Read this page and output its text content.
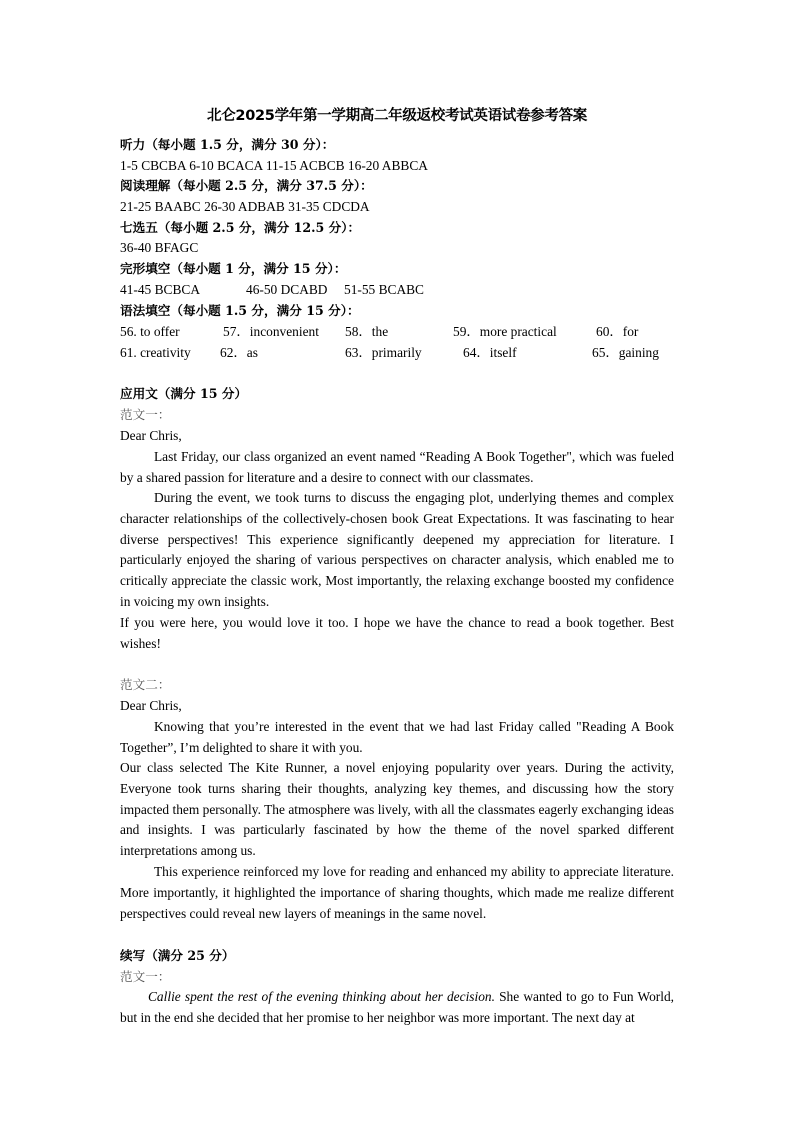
北仑2025学年第一学期高二年级返校考试英语试卷参考答案
听力（每小题 1.5 分，满分 30 分）：
1-5 CBCBA 6-10 BCACA 11-15 ACBCB 16-20 ABBCA
阅读理解（每小题 2.5 分，满分 37.5 分）：
21-25 BAABC 26-30 ADBAB 31-35 CDCDA
七选五（每小题 2.5 分，满分 12.5 分）：
36-40 BFAGC
完形填空（每小题 1 分，满分 15 分）：
41-45 BCBCA	46-50 DCABD 51-55 BCABC
语法填空（每小题 1.5 分，满分 15 分）：
56. to offer	57．inconvenient 58．the	59．more practical	60．for
61. creativity 62．as	63．primarily	64．itself	65．gaining
应用文（满分 15 分）
范文一：
Dear Chris,
Last Friday, our class organized an event named “Reading A Book Together", which was fueled by a shared passion for literature and a desire to connect with our classmates.
During the event, we took turns to discuss the engaging plot, underlying themes and complex character relationships of the collectively-chosen book Great Expectations. It was fascinating to hear diverse perspectives! This experience significantly deepened my appreciation for literature. I particularly enjoyed the sharing of various perspectives on character analysis, which enabled me to critically appreciate the classic work, Most importantly, the relaxing exchange boosted my confidence in voicing my own insights.
If you were here, you would love it too. I hope we have the chance to read a book together. Best wishes!
范文二：
Dear Chris,
Knowing that you’re interested in the event that we had last Friday called "Reading A Book Together”, I’m delighted to share it with you.
Our class selected The Kite Runner, a novel enjoying popularity over years. During the activity, Everyone took turns sharing their thoughts, analyzing key themes, and discussing how the story impacted them personally. The atmosphere was lively, with all the classmates eagerly exchanging ideas and insights. I was particularly fascinated by how the theme of the novel sparked different interpretations among us.
This experience reinforced my love for reading and enhanced my ability to appreciate literature. More importantly, it highlighted the importance of sharing thoughts, which made me realize different perspectives could reveal new layers of meanings in the same novel.
续写（满分 25 分）
范文一：
Callie spent the rest of the evening thinking about her decision. She wanted to go to Fun World, but in the end she decided that her promise to her neighbor was more important. The next day at
